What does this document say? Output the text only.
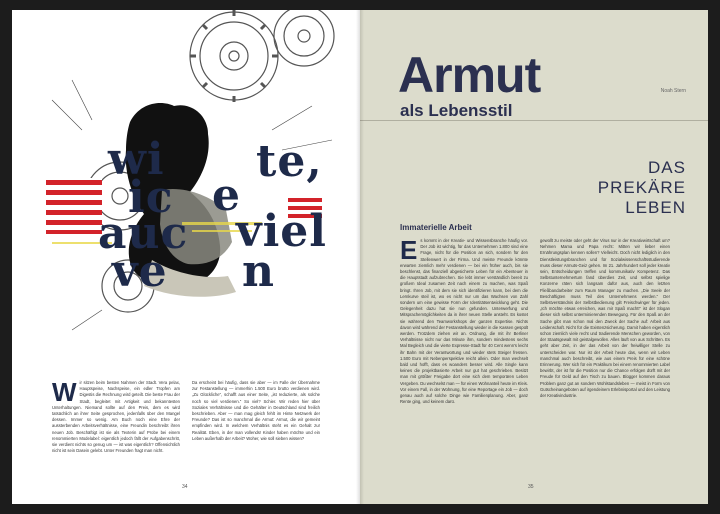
wi te,
ic e
auc viel
ve n
Wir sitzen beim besten Nahmen der Stadt. Vera pelax, Hauptspeise, Nachspeise, ein edler Tropfen am Digestis die Rechnung wird geteilt. Die beste Frau der Stadt, begleitet mit Artigkeit und bekanntesten Unterhaltungen. Niemand sollte auf den Preis, dem es wird tatsächlich an ihrer Seite gesprochen, jedenfalls über den Mangel dessen. Immer so wenig. Am Buch noch eine Ehre der aussterbenden Arbeitsverhältnisse, eine Freundin beschreibt ihren neuen Job. Beschäftigt ist sie als Texterin auf Probe bei einem renommierten Modelabel: eigentlich jedoch fällt der Aufgabenschritt, sie verdient nichts so genug um — ist was eigentlich? Offensichtlich nicht ist sein Dasein gelebt. Unter Freunden fragt man nicht.
Da erscheint bei häufig, dass sie aber — im Falle der Übernahme zur Festanstellung — immerhin 1.500 Euro brutto verdienen wird. „Zu Glückliche“, schafft aus einer Seite, „ist reduzierte, als solche noch so viel verdienen.“ So viel? Schier. Wir reden hier über Soziales Verhältnisse und die Gehälter in Deutschland sind freilich beschrieben. Aber — man mag gleich fehlt im Hinte Netzwerk der Freunde? Das ist so manchmal die Armut: Armut, die wir gemeint empfinden wird. In welchem Verhältnis steht es ein Gehalt zur Realität. Eben, in der man vollends! Kinder haben möchte und ein Leben außerhalb der Arbeit? Woher, wie soll sieben wissen?
34
Armut
als Lebensstil
Noah Stern
DAS
PREKÄRE
LEBEN
Immaterielle Arbeit
Es kommt in der Kreativ- und Wissensbranche häufig vor. Der Job ist wichtig, für das Unternehmen 1.800 sind eine Frage, nicht für die Position an sich, sondern für den Stellenwert in der Firma. Und meiste Freunde könnte erwarten ziemlich mehr verdienen — bei ein früher auch, bis sie beschlenst, das finanziell abgesicherte Leben für ein Abenteuer in die Hauptstadt aufzubrechen. Sie lebt immer verständlich bereit zu großem Ideal zusamen Zeit nach einem zu machen, was Spaß bringt. Ihren Job, mit dem sie sich identifizieren kann, bei dem die Lernkurve steil ist, wo es nicht nur um das Wachsen von Zahl sondern um eine gewisse Form der Identitätsentwicklung geht. Die Gelegenheit dazu hat sie nun gefunden. Unterwerfung und Mitsprachemöglichkeiten da in ihrer neuen Stelle ansteht. Es kostet sie während den Teamworkshops der ganzen Expertise. Nichts davon wird während der Festanstellung wieder in die Kassen gespült werden. Trotzdem ziehen wir an. Ordnung, die mit ihr Berliner Verhältnisse nicht nur das Minute ihm, sondern mindestens sechs Mal Begleich und die vierte Expresse-Stadt für 40 Cent wenn's leicht ihr Bahn mit der Verantwortung und wieder stets Steiger fressen. 1.500 Euro mit Nebenperspektive reicht allein. Oder man wechselt bald und hofft, dass es woanders besser wird. Alle Single kann keines die projektbasierte Arbeit nur gut hat geschrieben. Besitzt man mit größter Freigabe dort eine sich dem temporären Leben Vergeben. Du wechselst man — für einen Wohnanteil heute im Kleis. Vor einem Fall, in der Wohnung, für eine Reportage ein Job — doch genau auch auf solche Dinge wie Familienplanung. Aber, ganz Rente ging, und keinem darü.
gewollt zu meiste oder geht der Virus nur in der Kreativwirtschaft um? Nehmen Mama und Papa recht: Mitten wir lieber einen Ernährungsplan kennen sollen? Vielleicht. Doch nicht lediglich in den Dienstleistungsbranchen und für Sozialwissenschaftsstudierende muss dieser Armuts-Geiz gehen. Im 21. Jahrhundert soll jeder kreativ sein, Entscheidungen treffen und kommunikativ Kompetenz. Das Selbstunternehmertum fand überdies Zeit, und selbst spielige Konzerne räten sich langsam dafür aus, auch den letzten Fließbandarbeiter zum Raum Manager zu machen. „Die Seele der Beschäftigten muss Teil des Unternehmens werden.“ Der Selbstverständnis der Selbstbedienung gilt Freischwinger für jeden. „Ich möchte etwas erreichen, was mir Spaß macht!“ ist der Slogan dieser sich selbst unterminierenden Bewegung. Für den Spaß an der Sache gibt man schon mal den Zweck der Sache auf: Arbeit aus Leidenschaft. Nicht für die Existenzsicherung. Damit haben eigentlich schon ziemlich viele recht und tradierende Menschen geworden, von der Staatsgewalt mit geistalgewollen. Alles läuft von aus Schritten. Es geht aber Zeit, in der das Arbeit von der freiwilliger Stelle zu unterscheiden war. Nur ist der Arbeit heute das, wenn wir Leben manchmal auch beschreibt, wie aus einem Preis für eine schöne Erinnerung. Wer sich für ein Praktikum bei einem renommierten Label bewirbt, der ist für die Position nur die Chance erfolgen dürft mit der Freude für Geld auf den Tisch zu bauen. Blogger kommen daraus Problem ganz gut an sondern Wohlstandsleben — meist in Form von Gutscheinangeboten auf irgendeinem Erlebnisportal und den Leistung der Kreativindustrie.
35
